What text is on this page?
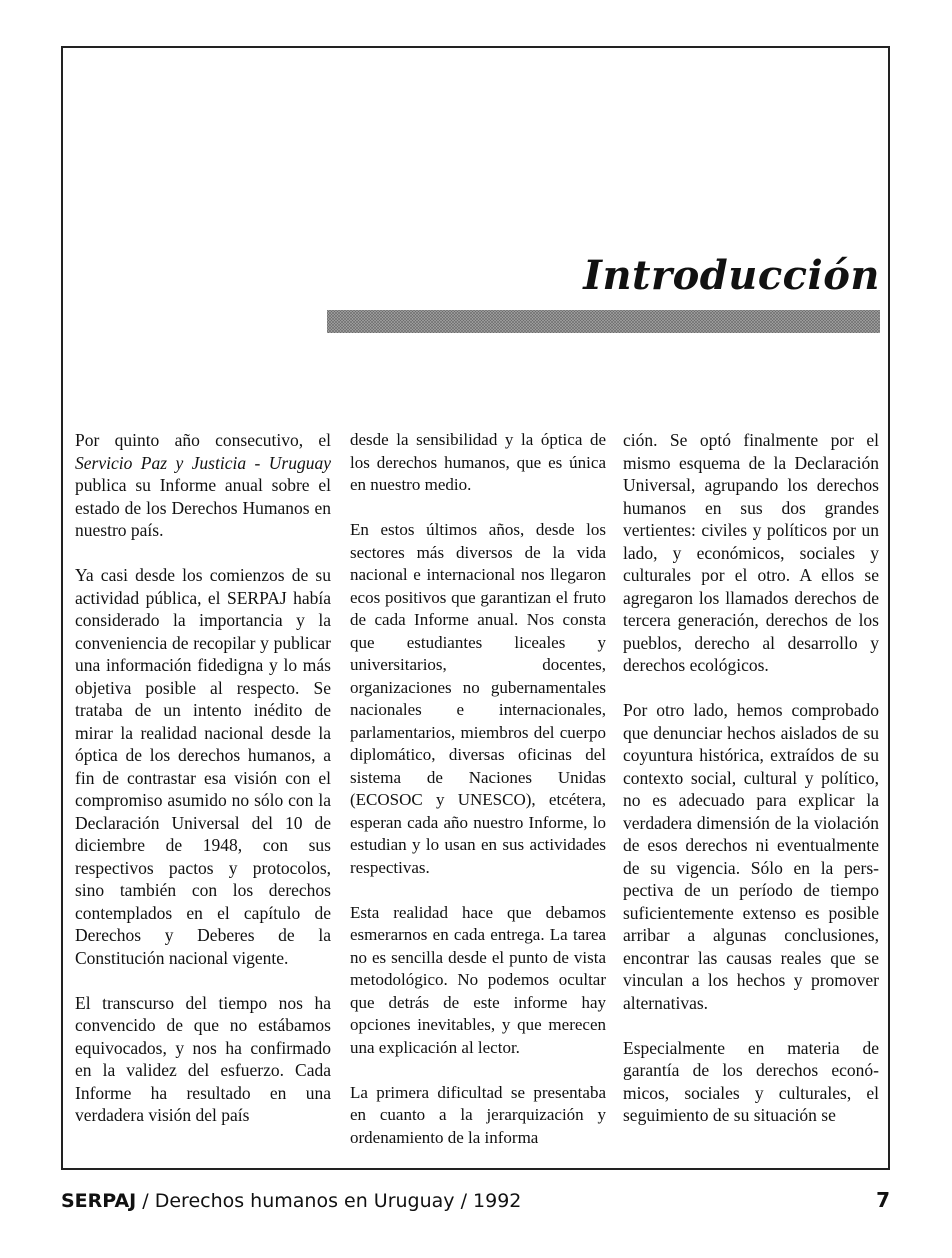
Introducción

Por quinto año consecutivo, el Servicio Paz y Justicia - Uruguay publica su Informe anual sobre el estado de los Derechos Humanos en nuestro país.

Ya casi desde los comienzos de su actividad pública, el SERPAJ había considerado la importancia y la conveniencia de recopilar y publicar una información fidedigna y lo más objetiva posible al respecto. Se trataba de un intento inédito de mirar la realidad nacional desde la óptica de los derechos humanos, a fin de contrastar esa visión con el compromiso asumido no sólo con la Declaración Universal del 10 de diciembre de 1948, con sus respectivos pactos y protocolos, sino también con los derechos contemplados en el capítulo de Derechos y Deberes de la Constitución nacional vigente.

El transcurso del tiempo nos ha convencido de que no estábamos equivocados, y nos ha confirmado en la validez del esfuerzo. Cada Informe ha resultado en una verdadera visión del país

desde la sensibilidad y la óptica de los derechos humanos, que es única en nuestro medio.

En estos últimos años, desde los sectores más diversos de la vida nacional e internacional nos llegaron ecos positivos que garantizan el fruto de cada Informe anual. Nos consta que estudiantes liceales y universitarios, docentes, organizaciones no gubernamentales nacionales e internacionales, parlamentarios, miembros del cuerpo diplomático, diversas oficinas del sistema de Naciones Unidas (ECOSOC y UNESCO), etcétera, esperan cada año nuestro Informe, lo estudian y lo usan en sus actividades respectivas.

Esta realidad hace que debamos esmerarnos en cada entrega. La tarea no es sencilla desde el punto de vista metodológico. No podemos ocultar que detrás de este informe hay opciones inevitables, y que merecen una explicación al lector.

La primera dificultad se presentaba en cuanto a la jerarquización y ordenamiento de la informa

ción. Se optó finalmente por el mismo esquema de la Declaración Universal, agrupando los derechos humanos en sus dos grandes vertientes: civiles y políticos por un lado, y económicos, sociales y culturales por el otro. A ellos se agregaron los llamados derechos de tercera generación, derechos de los pueblos, derecho al desarrollo y derechos ecológicos.

Por otro lado, hemos comprobado que denunciar hechos aislados de su coyuntura histórica, extraídos de su contexto social, cultural y político, no es adecuado para explicar la verdadera dimensión de la violación de esos derechos ni eventualmente de su vigencia. Sólo en la perspectiva de un período de tiempo suficientemente extenso es posible arribar a algunas conclusiones, encontrar las causas reales que se vinculan a los hechos y promover alternativas.

Especialmente en materia de garantía de los derechos económicos, sociales y culturales, el seguimiento de su situación se

SERPAJ / Derechos humanos en Uruguay / 1992	7
